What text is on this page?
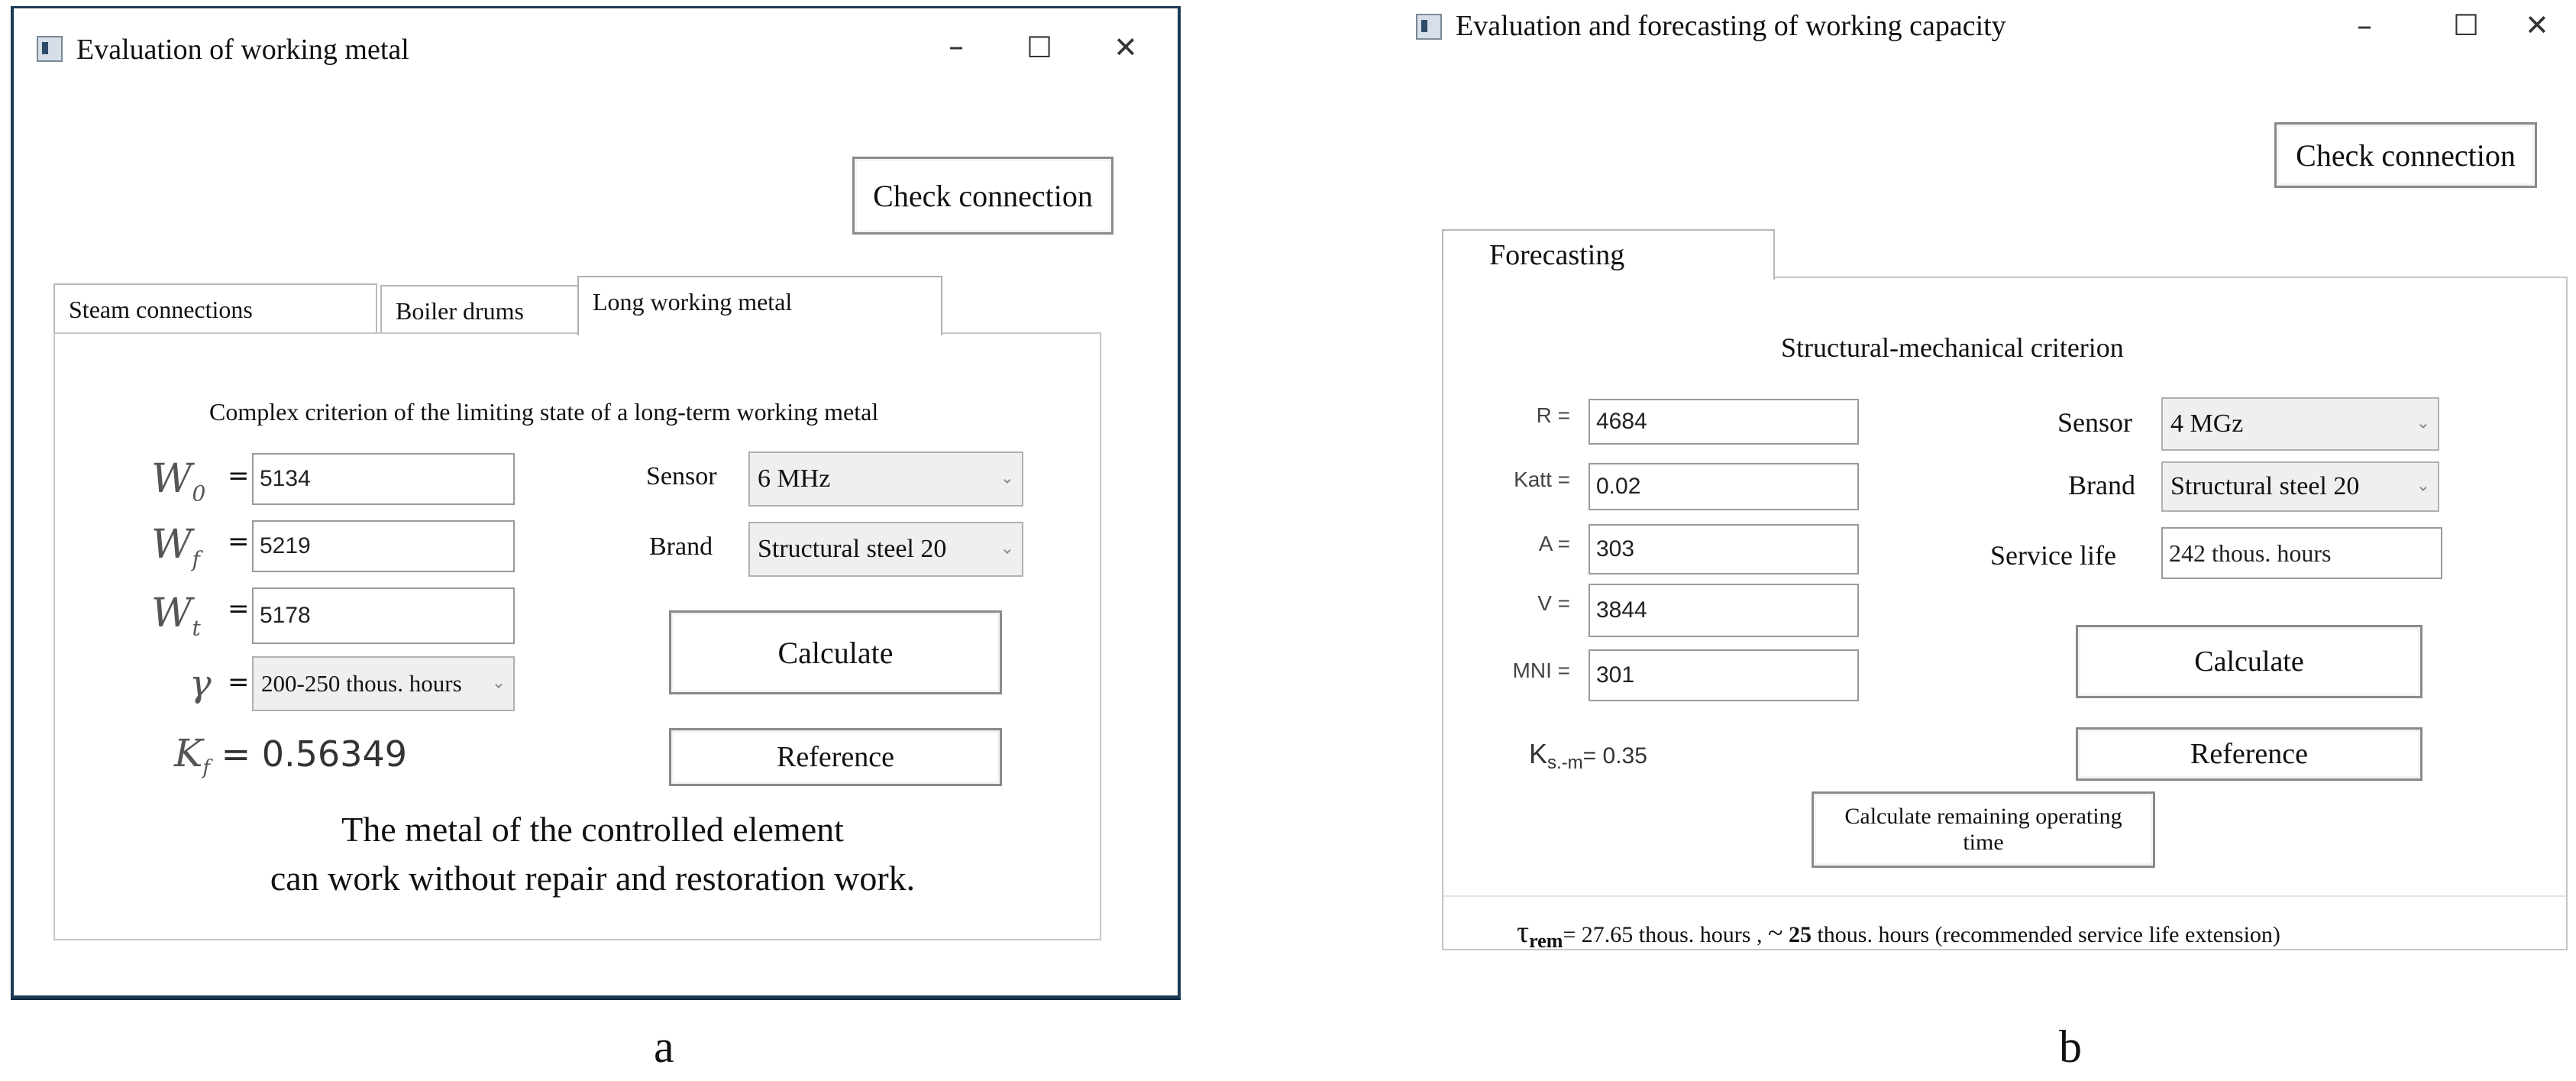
Evaluation of working metal	– ☐ ✕
Check connection
Steam connections	Boiler drums	Long working metal
Complex criterion of the limiting state of a long-term working metal
$W_0$
= 5134
$W_f$
= 5219
$W_t$
= 5178
γ = 200-250 thous. hours ⌄
Sensor 6 MHz	⌄
Brand Structural steel 20	⌄
Calculate
Reference
$K_f = 0.56349$
The metal of the controlled element
can work without repair and restoration work.
Evaluation and forecasting of working capacity	–	☐ ✕
Check connection
Forecasting
Structural-mechanical criterion
R =	4684
Katt =	0.02
A =	303
V =	3844
MNI =	301
Sensor 4 MGz	⌄
Brand Structural steel 20	⌄
Service life	242 thous. hours
Calculate
Reference
$K_{s.-m}= 0.35$
Calculate remaining operating time
$\tau_{rem}= 27.65$ thous. hours , ~ 25 thous. hours (recommended service life extension)
a	b
